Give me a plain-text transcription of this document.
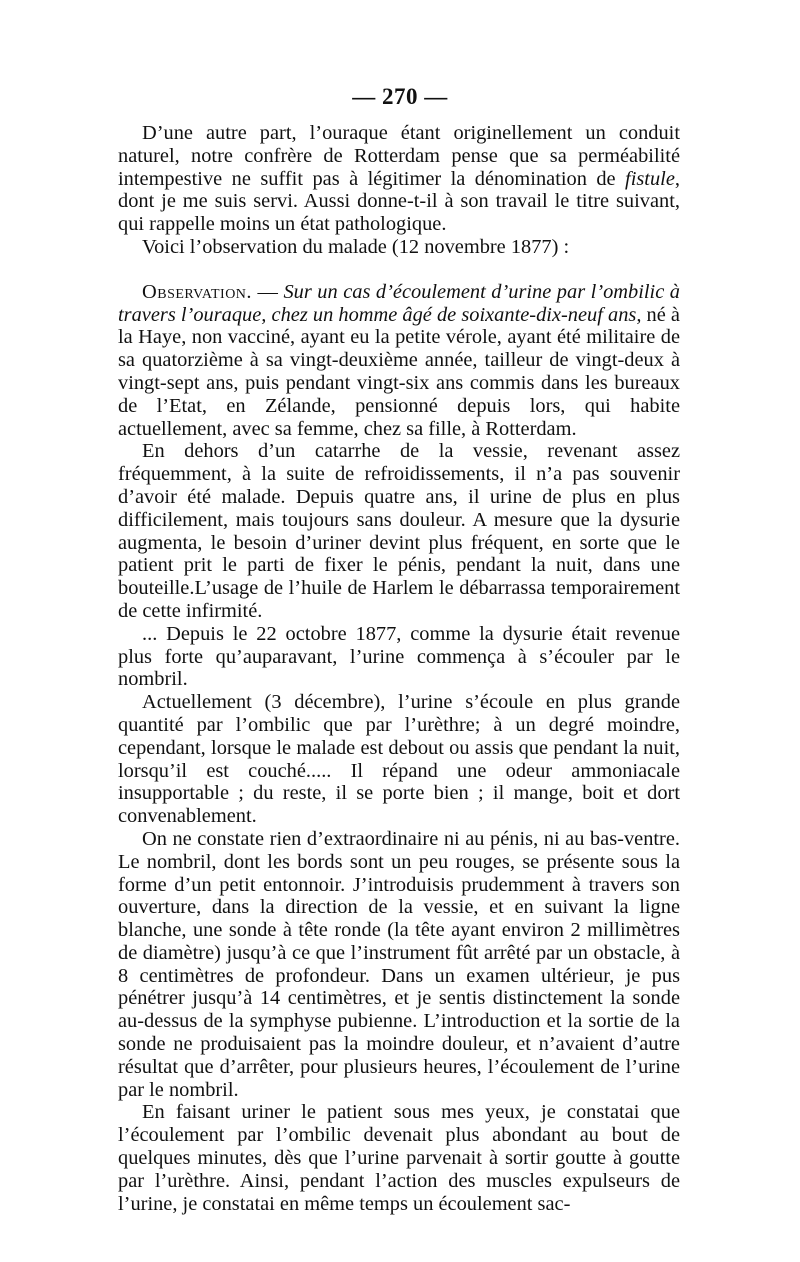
— 270 —

D’une autre part, l’ouraque étant originellement un conduit naturel, notre confrère de Rotterdam pense que sa perméabilité intempestive ne suffit pas à légitimer la dénomination de fistule, dont je me suis servi. Aussi donne-t-il à son travail le titre suivant, qui rappelle moins un état pathologique.

Voici l’observation du malade (12 novembre 1877) :

Observation. — Sur un cas d’écoulement d’urine par l’ombilic à travers l’ouraque, chez un homme âgé de soixante-dix-neuf ans, né à la Haye, non vacciné, ayant eu la petite vérole, ayant été militaire de sa quatorzième à sa vingt-deuxième année, tailleur de vingt-deux à vingt-sept ans, puis pendant vingt-six ans commis dans les bureaux de l’Etat, en Zélande, pensionné depuis lors, qui habite actuellement, avec sa femme, chez sa fille, à Rotterdam.

En dehors d’un catarrhe de la vessie, revenant assez fréquemment, à la suite de refroidissements, il n’a pas souvenir d’avoir été malade. Depuis quatre ans, il urine de plus en plus difficilement, mais toujours sans douleur. A mesure que la dysurie augmenta, le besoin d’uriner devint plus fréquent, en sorte que le patient prit le parti de fixer le pénis, pendant la nuit, dans une bouteille.L’usage de l’huile de Harlem le débarrassa temporairement de cette infirmité.

... Depuis le 22 octobre 1877, comme la dysurie était revenue plus forte qu’auparavant, l’urine commença à s’écouler par le nombril.

Actuellement (3 décembre), l’urine s’écoule en plus grande quantité par l’ombilic que par l’urèthre; à un degré moindre, cependant, lorsque le malade est debout ou assis que pendant la nuit, lorsqu’il est couché..... Il répand une odeur ammoniacale insupportable ; du reste, il se porte bien ; il mange, boit et dort convenablement.

On ne constate rien d’extraordinaire ni au pénis, ni au bas-ventre. Le nombril, dont les bords sont un peu rouges, se présente sous la forme d’un petit entonnoir. J’introduisis prudemment à travers son ouverture, dans la direction de la vessie, et en suivant la ligne blanche, une sonde à tête ronde (la tête ayant environ 2 millimètres de diamètre) jusqu’à ce que l’instrument fût arrêté par un obstacle, à 8 centimètres de profondeur. Dans un examen ultérieur, je pus pénétrer jusqu’à 14 centimètres, et je sentis distinctement la sonde au-dessus de la symphyse pubienne. L’introduction et la sortie de la sonde ne produisaient pas la moindre douleur, et n’avaient d’autre résultat que d’arrêter, pour plusieurs heures, l’écoulement de l’urine par le nombril.

En faisant uriner le patient sous mes yeux, je constatai que l’écoulement par l’ombilic devenait plus abondant au bout de quelques minutes, dès que l’urine parvenait à sortir goutte à goutte par l’urèthre. Ainsi, pendant l’action des muscles expulseurs de l’urine, je constatai en même temps un écoulement sac-
